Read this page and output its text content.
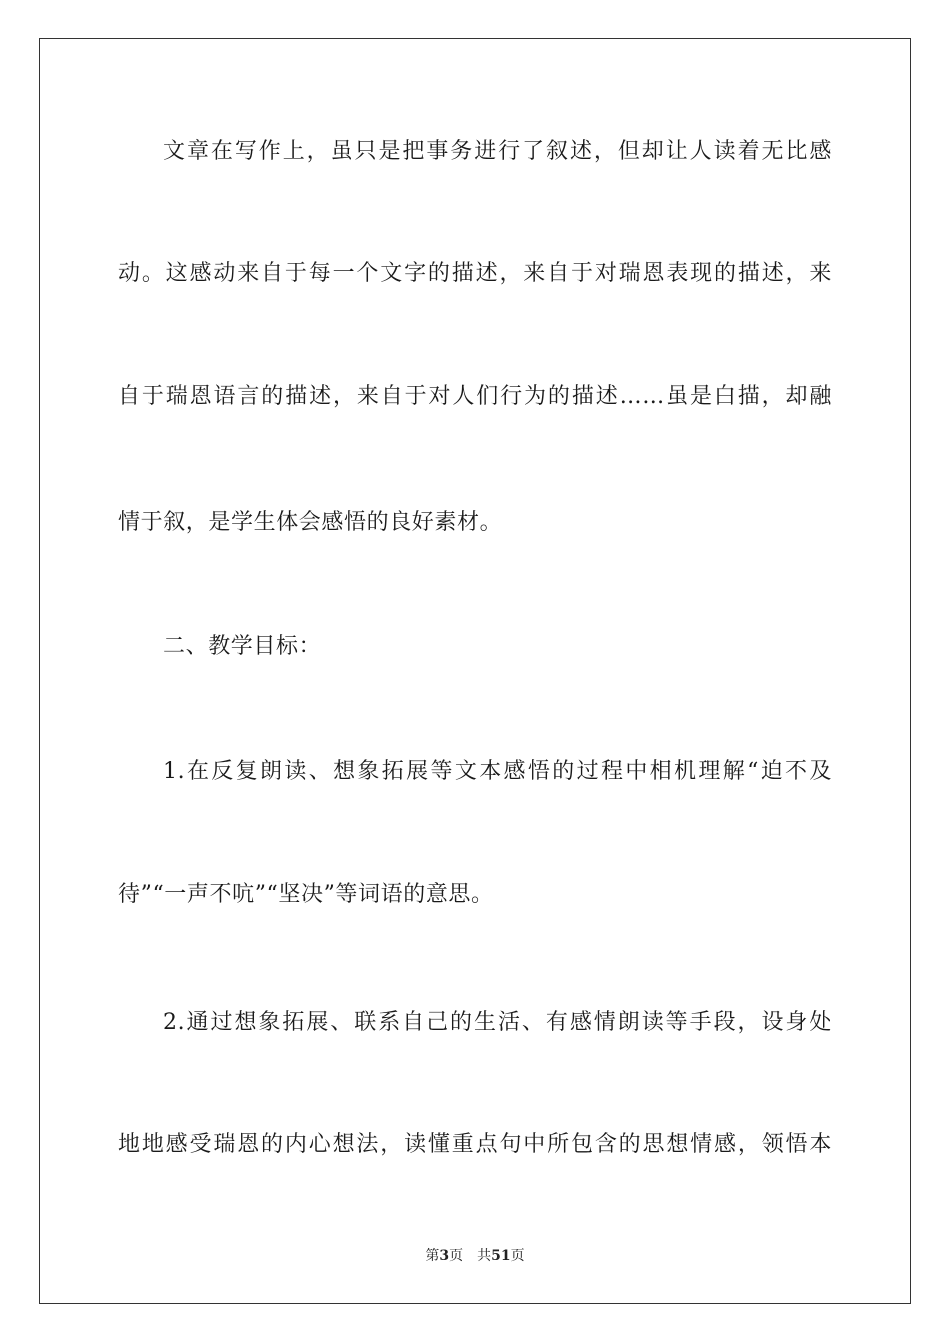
文章在写作上，虽只是把事务进行了叙述，但却让人读着无比感
动。这感动来自于每一个文字的描述，来自于对瑞恩表现的描述，来
自于瑞恩语言的描述，来自于对人们行为的描述……虽是白描，却融
情于叙，是学生体会感悟的良好素材。
二、教学目标：
1.在反复朗读、想象拓展等文本感悟的过程中相机理解“迫不及
待”“一声不吭”“坚决”等词语的意思。
2.通过想象拓展、联系自己的生活、有感情朗读等手段，设身处
地地感受瑞恩的内心想法，读懂重点句中所包含的思想情感，领悟本
第3页 共51页
